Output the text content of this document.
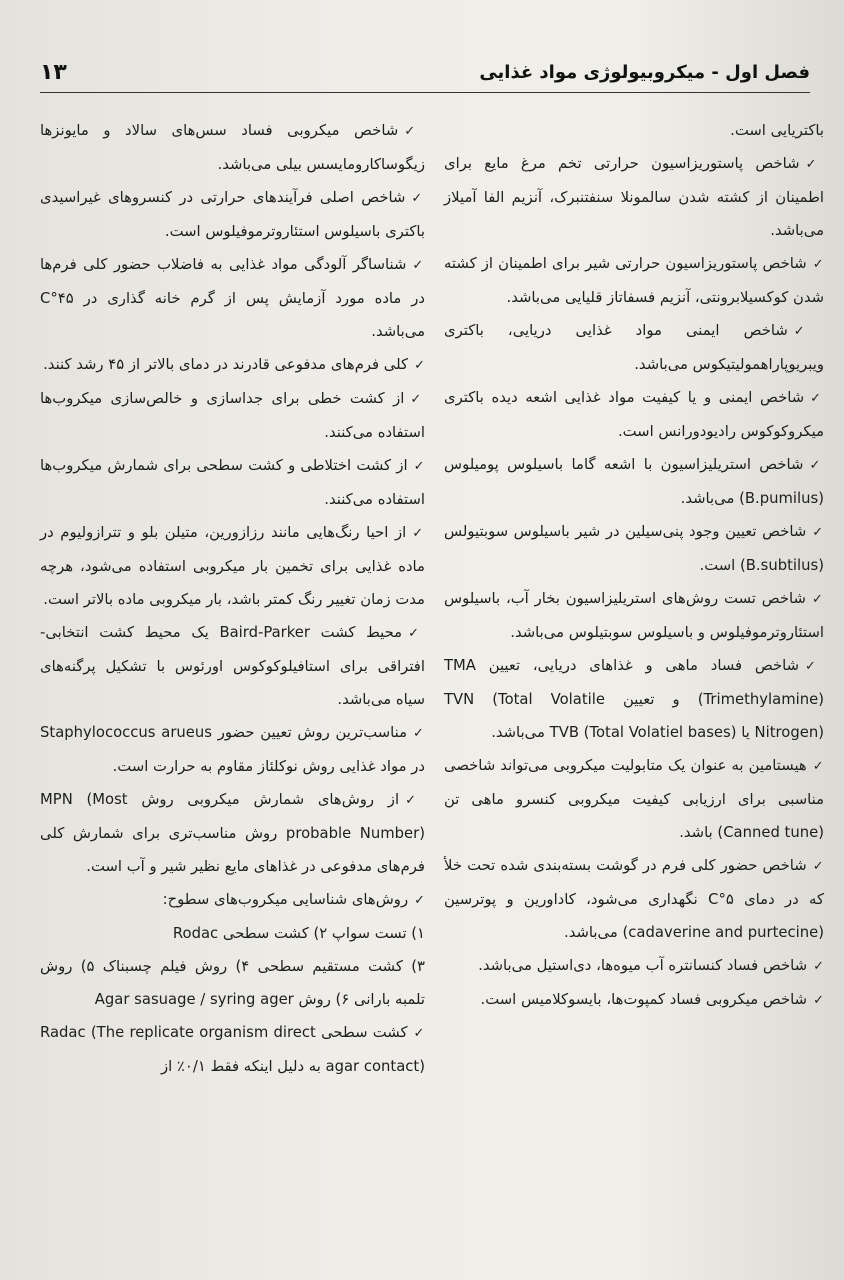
فصل اول - میکروبیولوژی مواد غذایی
۱۳
باکتریایی است.
✓شاخص پاستوریزاسیون حرارتی تخم مرغ مایع برای اطمینان از کشته شدن سالمونلا سنفتنبرک، آنزیم الفا آمیلاز می‌باشد.
✓شاخص پاستوریزاسیون حرارتی شیر برای اطمینان از کشته شدن کوکسیلابرونتی، آنزیم فسفاتاز قلیایی می‌باشد.
✓شاخص ایمنی مواد غذایی دریایی، باکتری ویبریوپاراهمولیتیکوس می‌باشد.
✓شاخص ایمنی و یا کیفیت مواد غذایی اشعه دیده باکتری میکروکوکوس رادیودورانس است.
✓شاخص استریلیزاسیون با اشعه گاما باسیلوس پومیلوس (B.pumilus) می‌باشد.
✓شاخص تعیین وجود پنی‌سیلین در شیر باسیلوس سوبتیولس (B.subtilus) است.
✓شاخص تست روش‌های استریلیزاسیون بخار آب، باسیلوس استئاروترموفیلوس و باسیلوس سوبتیلوس می‌باشد.
✓شاخص فساد ماهی و غذاهای دریایی، تعیین TMA (Trimethylamine) و تعیین TVN (Total Volatile Nitrogen) یا TVB (Total Volatiel bases) می‌باشد.
✓هیستامین به عنوان یک متابولیت میکروبی می‌تواند شاخصی مناسبی برای ارزیابی کیفیت میکروبی کنسرو ماهی تن (Canned tune) باشد.
✓شاخص حضور کلی فرم در گوشت بسته‌بندی شده تحت خلأ که در دمای ۵°C نگهداری می‌شود، کاداورین و پوترسین (cadaverine and purtecine) می‌باشد.
✓شاخص فساد کنسانتره آب میوه‌ها، دی‌استیل می‌باشد.
✓شاخص میکروبی فساد کمپوت‌ها، بایسوکلامیس است.
✓شاخص میکروبی فساد سس‌های سالاد و مایونزها زیگوساکارومایسس بیلی می‌باشد.
✓شاخص اصلی فرآیندهای حرارتی در کنسروهای غیراسیدی باکتری باسیلوس استئاروترموفیلوس است.
✓شناساگر آلودگی مواد غذایی به فاضلاب حضور کلی فرم‌ها در ماده مورد آزمایش پس از گرم خانه گذاری در ۴۵°C می‌باشد.
✓کلی فرم‌های مدفوعی قادرند در دمای بالاتر از ۴۵ رشد کنند.
✓از کشت خطی برای جداسازی و خالص‌سازی میکروب‌ها استفاده می‌کنند.
✓از کشت اختلاطی و کشت سطحی برای شمارش میکروب‌ها استفاده می‌کنند.
✓از احیا رنگ‌هایی مانند رزازورین، متیلن بلو و تترازولیوم در ماده غذایی برای تخمین بار میکروبی استفاده می‌شود، هرچه مدت زمان تغییر رنگ کمتر باشد، بار میکروبی ماده بالاتر است.
✓محیط کشت Baird-Parker یک محیط کشت انتخابی- افتراقی برای استافیلوکوکوس اورئوس با تشکیل پرگنه‌های سیاه می‌باشد.
✓مناسب‌ترین روش تعیین حضور Staphylococcus arueus در مواد غذایی روش نوکلئاز مقاوم به حرارت است.
✓از روش‌های شمارش میکروبی روش MPN (Most probable Number) روش مناسب‌تری برای شمارش کلی فرم‌های مدفوعی در غذاهای مایع نظیر شیر و آب است.
✓روش‌های شناسایی میکروب‌های سطوح:
۱) تست سواپ ۲) کشت سطحی Rodac
۳) کشت مستقیم سطحی ۴) روش فیلم چسبناک ۵) روش تلمبه بارانی ۶) روش Agar sasuage / syring ager
✓کشت سطحی Radac (The replicate organism direct agar contact) به دلیل اینکه فقط ۰/۱٪ از
